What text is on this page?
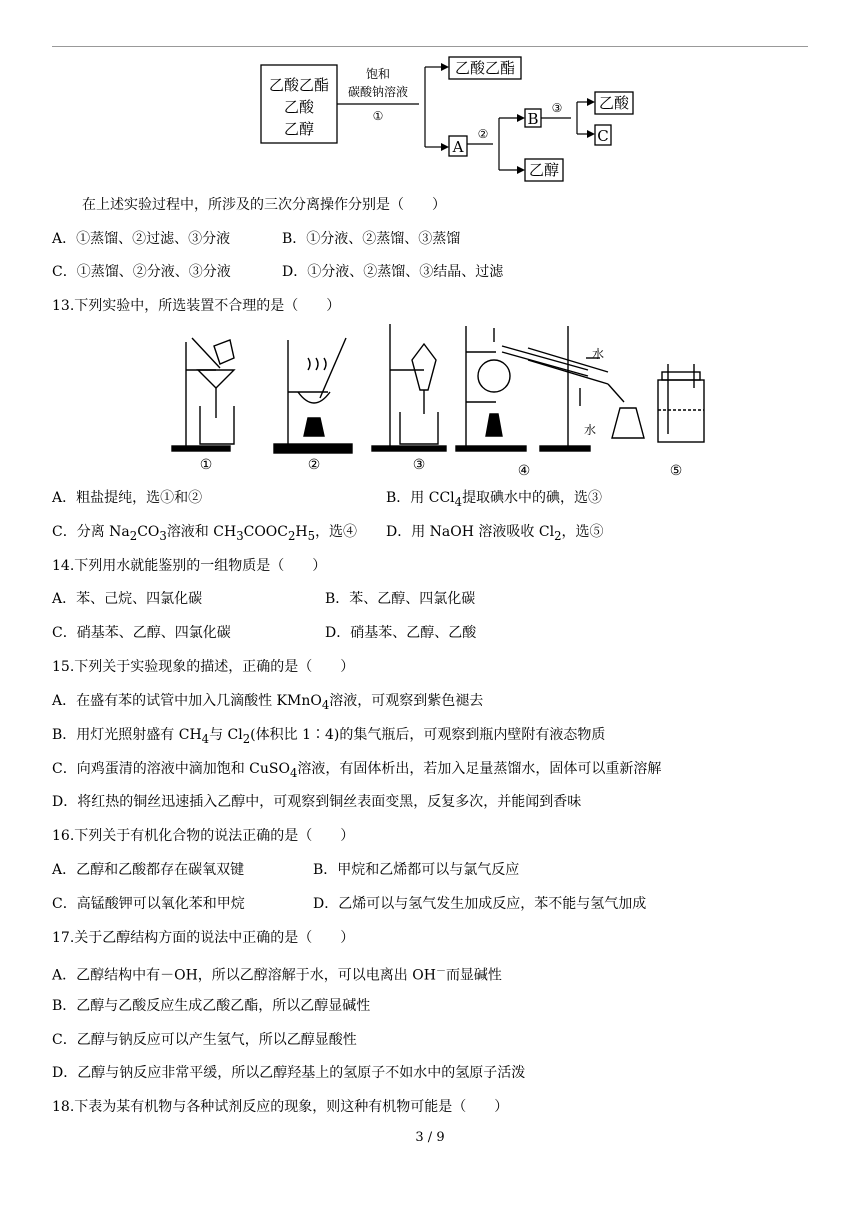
乙酸乙酯
乙酸
乙醇
饱和
碳酸钠溶液
①
乙酸乙酯
A
②
B
乙醇
③ 乙酸
C
在上述实验过程中，所涉及的三次分离操作分别是（　　）
A．①蒸馏、②过滤、③分液	B．①分液、②蒸馏、③蒸馏
C．①蒸馏、②分液、③分液	D．①分液、②蒸馏、③结晶、过滤
13.下列实验中，所选装置不合理的是（　　）
水
水
①	②	③	④	⑤
A．粗盐提纯，选①和②	B．用 CCl$_4$提取碘水中的碘，选③
C．分离 $Na_2CO_3$溶液和 $CH_3COOC_2H_5$，选④ D．用 NaOH 溶液吸收 $Cl_2$，选⑤
14.下列用水就能鉴别的一组物质是（　　）
A．苯、己烷、四氯化碳	B．苯、乙醇、四氯化碳
C．硝基苯、乙醇、四氯化碳	D．硝基苯、乙醇、乙酸
15.下列关于实验现象的描述，正确的是（　　）
A．在盛有苯的试管中加入几滴酸性 KMnO$_4$溶液，可观察到紫色褪去
B．用灯光照射盛有 $CH_4$与 $Cl_2$(体积比 1∶4)的集气瓶后，可观察到瓶内壁附有液态物质
C．向鸡蛋清的溶液中滴加饱和 CuSO$_4$溶液，有固体析出，若加入足量蒸馏水，固体可以重新溶解
D．将红热的铜丝迅速插入乙醇中，可观察到铜丝表面变黑，反复多次，并能闻到香味
16.下列关于有机化合物的说法正确的是（　　）
A．乙醇和乙酸都存在碳氧双键	B．甲烷和乙烯都可以与氯气反应
C．高锰酸钾可以氧化苯和甲烷	D．乙烯可以与氢气发生加成反应，苯不能与氢气加成
17.关于乙醇结构方面的说法中正确的是（　　）
A．乙醇结构中有－OH，所以乙醇溶解于水，可以电离出 OH－而显碱性
B．乙醇与乙酸反应生成乙酸乙酯，所以乙醇显碱性
C．乙醇与钠反应可以产生氢气，所以乙醇显酸性
D．乙醇与钠反应非常平缓，所以乙醇羟基上的氢原子不如水中的氢原子活泼
18.下表为某有机物与各种试剂反应的现象，则这种有机物可能是（　　）
3 / 9
